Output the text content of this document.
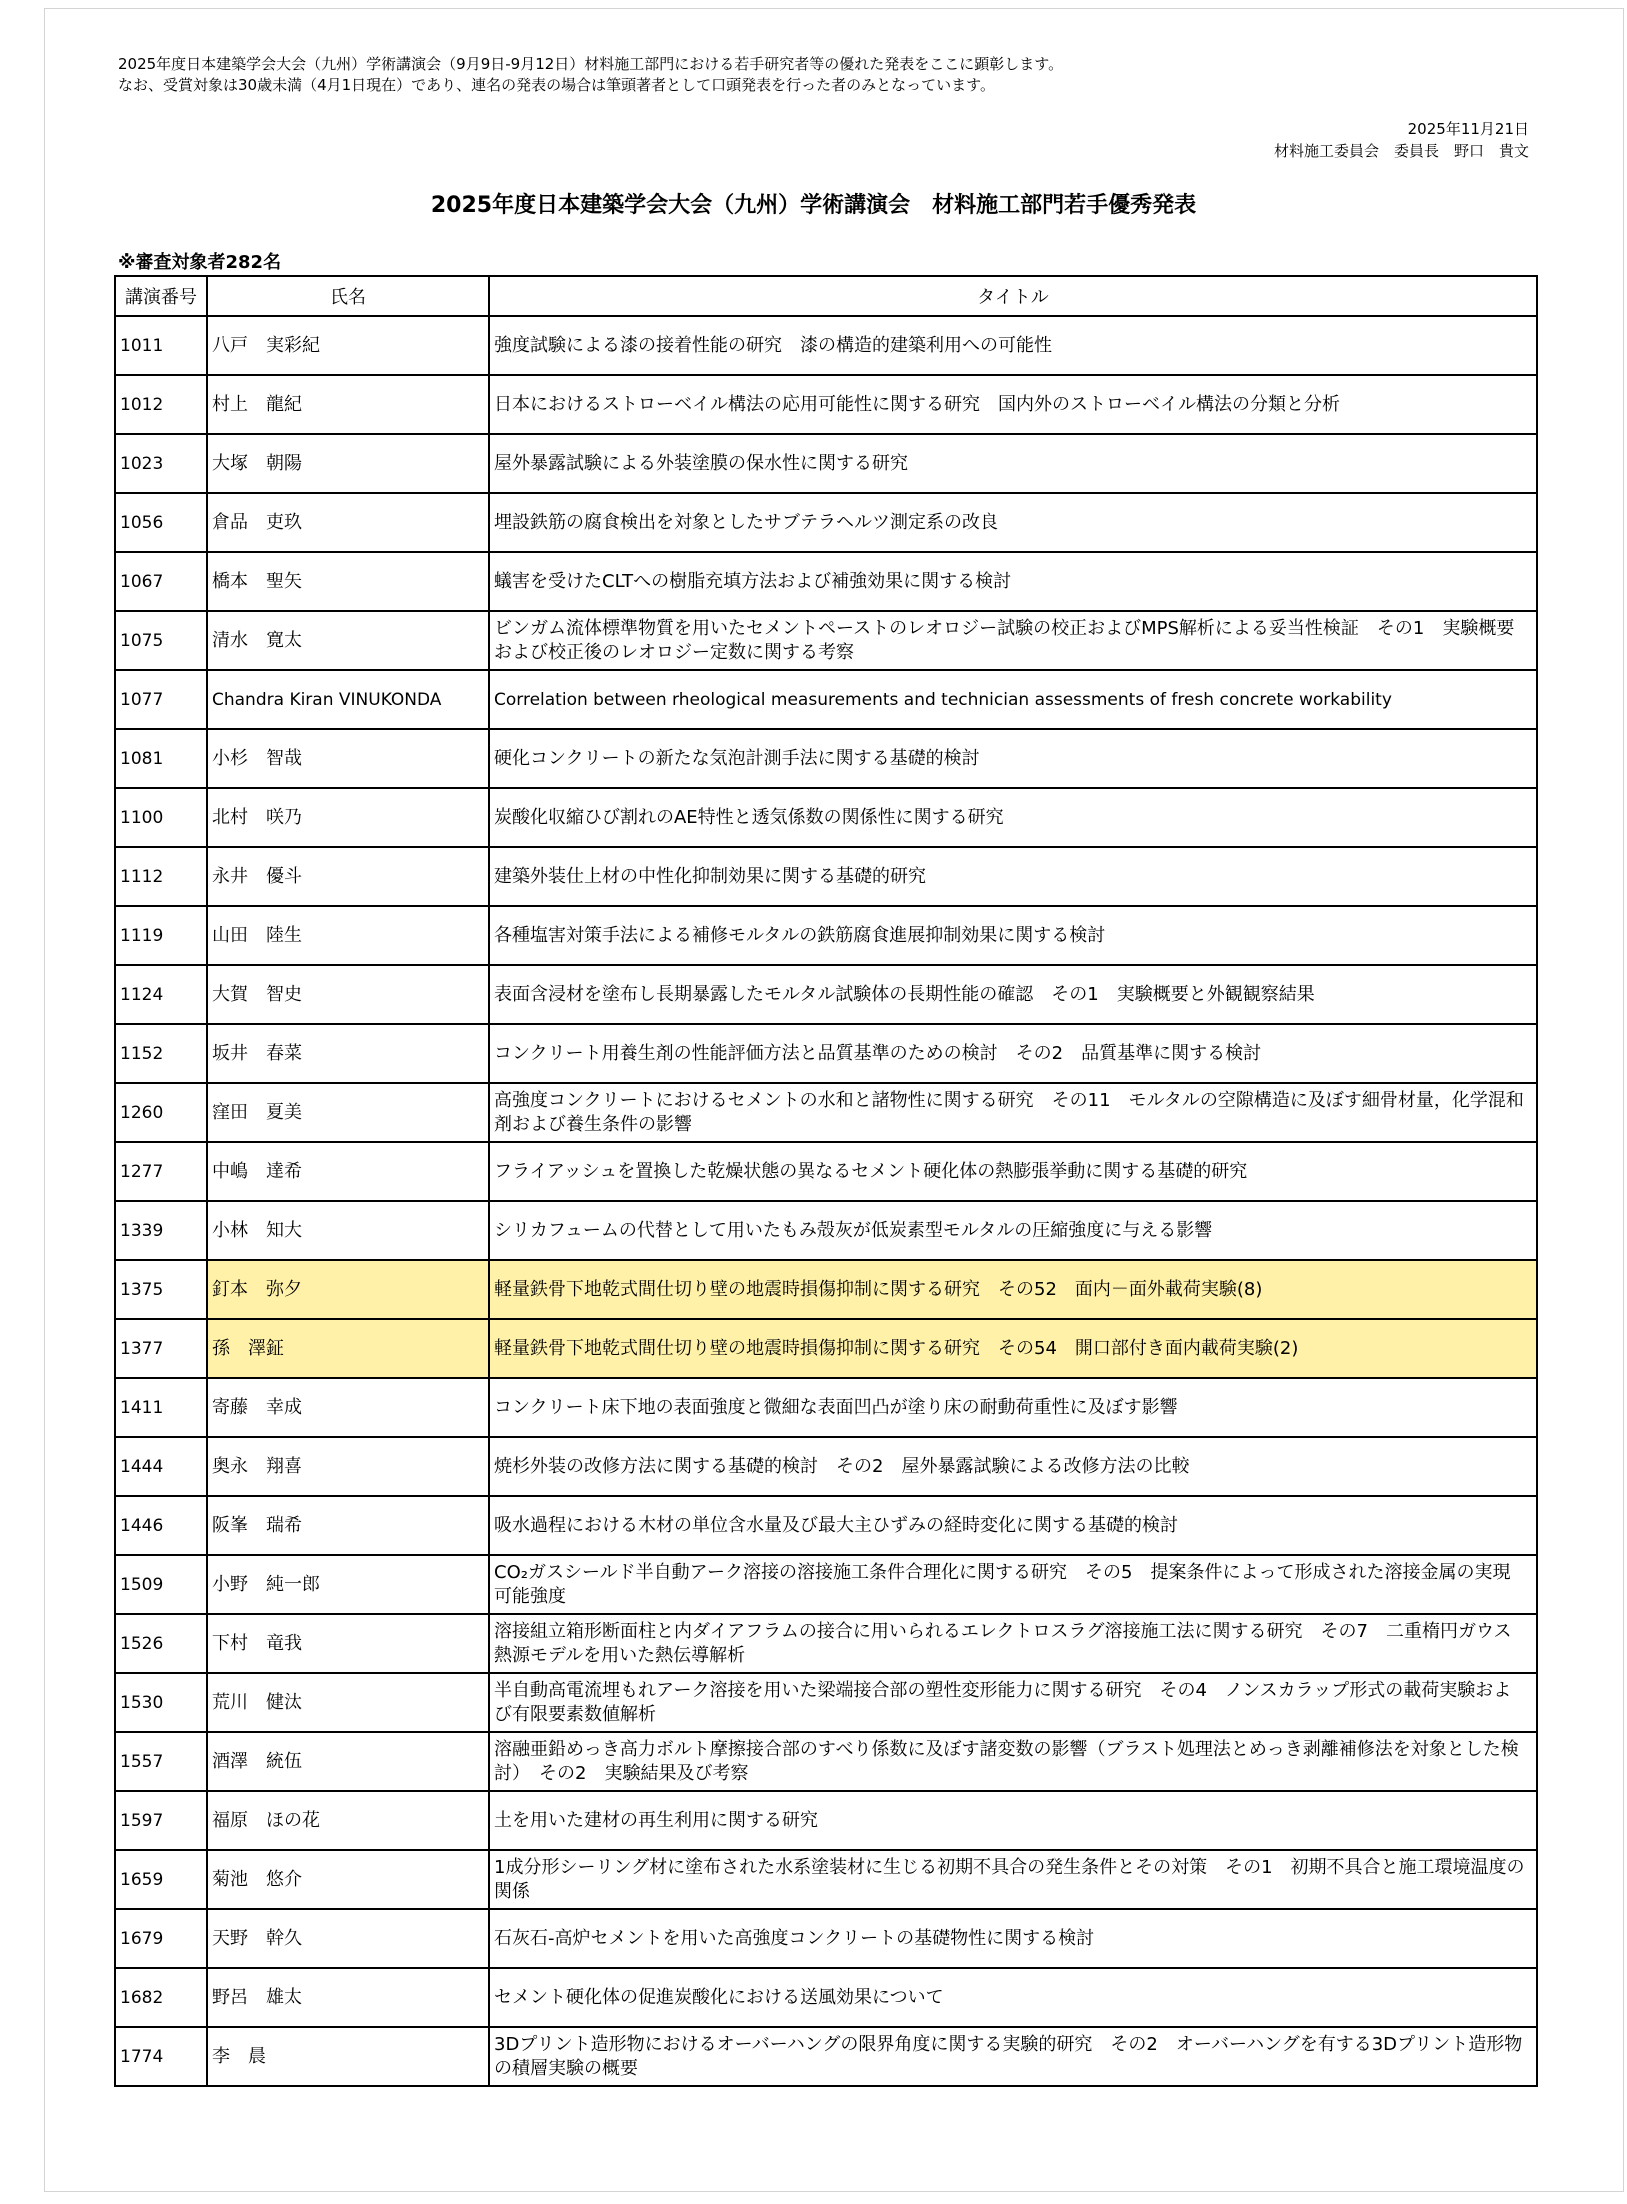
2025年度日本建築学会大会（九州）学術講演会（9月9日-9月12日）材料施工部門における若手研究者等の優れた発表をここに顕彰します。

なお、受賞対象は30歳未満（4月1日現在）であり、連名の発表の場合は筆頭著者として口頭発表を行った者のみとなっています。

2025年11月21日
材料施工委員会　委員長　野口　貴文
2025年度日本建築学会大会（九州）学術講演会　材料施工部門若手優秀発表
※審査対象者282名
講演番号	氏名	タイトル
1011	八戸　実彩紀	強度試験による漆の接着性能の研究　漆の構造的建築利用への可能性
1012	村上　龍紀	日本におけるストローベイル構法の応用可能性に関する研究　国内外のストローベイル構法の分類と分析
1023	大塚　朝陽	屋外暴露試験による外装塗膜の保水性に関する研究
1056	倉品　吏玖	埋設鉄筋の腐食検出を対象としたサブテラヘルツ測定系の改良
1067	橋本　聖矢	蟻害を受けたCLTへの樹脂充填方法および補強効果に関する検討
1075	清水　寛太	ビンガム流体標準物質を用いたセメントペーストのレオロジー試験の校正およびMPS解析による妥当性検証　その1　実験概要および校正後のレオロジー定数に関する考察
1077	Chandra Kiran VINUKONDA	Correlation between rheological measurements and technician assessments of fresh concrete workability
1081	小杉　智哉	硬化コンクリートの新たな気泡計測手法に関する基礎的検討
1100	北村　咲乃	炭酸化収縮ひび割れのAE特性と透気係数の関係性に関する研究
1112	永井　優斗	建築外装仕上材の中性化抑制効果に関する基礎的研究
1119	山田　陸生	各種塩害対策手法による補修モルタルの鉄筋腐食進展抑制効果に関する検討
1124	大賀　智史	表面含浸材を塗布し長期暴露したモルタル試験体の長期性能の確認　その1　実験概要と外観観察結果
1152	坂井　春菜	コンクリート用養生剤の性能評価方法と品質基準のための検討　その2　品質基準に関する検討
1260	窪田　夏美	高強度コンクリートにおけるセメントの水和と諸物性に関する研究　その11　モルタルの空隙構造に及ぼす細骨材量，化学混和剤および養生条件の影響
1277	中嶋　達希	フライアッシュを置換した乾燥状態の異なるセメント硬化体の熱膨張挙動に関する基礎的研究
1339	小林　知大	シリカフュームの代替として用いたもみ殻灰が低炭素型モルタルの圧縮強度に与える影響
1375	釘本　弥夕	軽量鉄骨下地乾式間仕切り壁の地震時損傷抑制に関する研究　その52　面内－面外載荷実験(8)
1377	孫　澤鉦	軽量鉄骨下地乾式間仕切り壁の地震時損傷抑制に関する研究　その54　開口部付き面内載荷実験(2)
1411	寄藤　幸成	コンクリート床下地の表面強度と微細な表面凹凸が塗り床の耐動荷重性に及ぼす影響
1444	奥永　翔喜	焼杉外装の改修方法に関する基礎的検討　その2　屋外暴露試験による改修方法の比較
1446	阪峯　瑞希	吸水過程における木材の単位含水量及び最大主ひずみの経時変化に関する基礎的検討
1509	小野　純一郎	CO₂ガスシールド半自動アーク溶接の溶接施工条件合理化に関する研究　その5　提案条件によって形成された溶接金属の実現可能強度
1526	下村　竜我	溶接組立箱形断面柱と内ダイアフラムの接合に用いられるエレクトロスラグ溶接施工法に関する研究　その7　二重楕円ガウス熱源モデルを用いた熱伝導解析
1530	荒川　健汰	半自動高電流埋もれアーク溶接を用いた梁端接合部の塑性変形能力に関する研究　その4　ノンスカラップ形式の載荷実験および有限要素数値解析
1557	酒澤　統伍	溶融亜鉛めっき高力ボルト摩擦接合部のすべり係数に及ぼす諸変数の影響（ブラスト処理法とめっき剥離補修法を対象とした検討）　その2　実験結果及び考察
1597	福原　ほの花	土を用いた建材の再生利用に関する研究
1659	菊池　悠介	1成分形シーリング材に塗布された水系塗装材に生じる初期不具合の発生条件とその対策　その1　初期不具合と施工環境温度の関係
1679	天野　幹久	石灰石-高炉セメントを用いた高強度コンクリートの基礎物性に関する検討
1682	野呂　雄太	セメント硬化体の促進炭酸化における送風効果について
1774	李　晨	3Dプリント造形物におけるオーバーハングの限界角度に関する実験的研究　その2　オーバーハングを有する3Dプリント造形物の積層実験の概要
